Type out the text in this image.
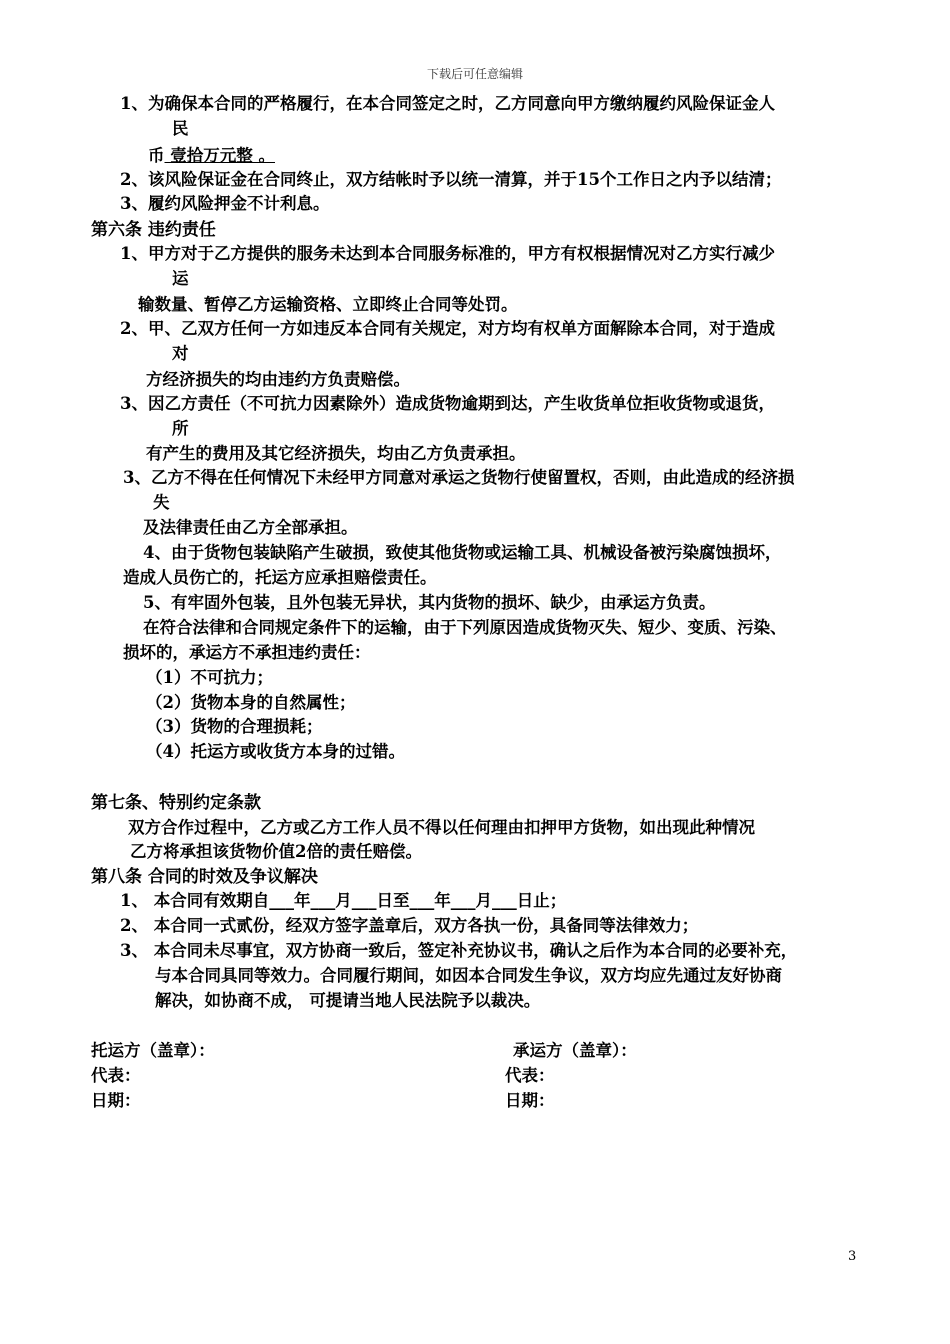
下载后可任意编辑
1、为确保本合同的严格履行，在本合同签定之时，乙方同意向甲方缴纳履约风险保证金人
民
币 壹拾万元整 。
2、该风险保证金在合同终止，双方结帐时予以统一清算，并于15个工作日之内予以结清；
3、履约风险押金不计利息。
第六条 违约责任
1、甲方对于乙方提供的服务未达到本合同服务标准的，甲方有权根据情况对乙方实行减少
运
输数量、暂停乙方运输资格、立即终止合同等处罚。
2、甲、乙双方任何一方如违反本合同有关规定，对方均有权单方面解除本合同，对于造成
对
方经济损失的均由违约方负责赔偿。
3、因乙方责任（不可抗力因素除外）造成货物逾期到达，产生收货单位拒收货物或退货，
所
有产生的费用及其它经济损失，均由乙方负责承担。
3、乙方不得在任何情况下未经甲方同意对承运之货物行使留置权，否则，由此造成的经济损
失
及法律责任由乙方全部承担。
4、由于货物包装缺陷产生破损，致使其他货物或运输工具、机械设备被污染腐蚀损坏，
造成人员伤亡的，托运方应承担赔偿责任。
5、有牢固外包装，且外包装无异状，其内货物的损坏、缺少，由承运方负责。
在符合法律和合同规定条件下的运输，由于下列原因造成货物灭失、短少、变质、污染、
损坏的，承运方不承担违约责任：
（1）不可抗力；
（2）货物本身的自然属性；
（3）货物的合理损耗；
（4）托运方或收货方本身的过错。
第七条、特别约定条款
双方合作过程中，乙方或乙方工作人员不得以任何理由扣押甲方货物，如出现此种情况
乙方将承担该货物价值2倍的责任赔偿。
第八条 合同的时效及争议解决
1、 本合同有效期自___年___月___日至___年___月___日止；
2、 本合同一式贰份，经双方签字盖章后，双方各执一份，具备同等法律效力；
3、 本合同未尽事宜，双方协商一致后，签定补充协议书，确认之后作为本合同的必要补充，
与本合同具同等效力。合同履行期间，如因本合同发生争议，双方均应先通过友好协商
解决，如协商不成， 可提请当地人民法院予以裁决。
托运方（盖章）：	承运方（盖章）：
代表：	代表：
日期：	日期：
3
